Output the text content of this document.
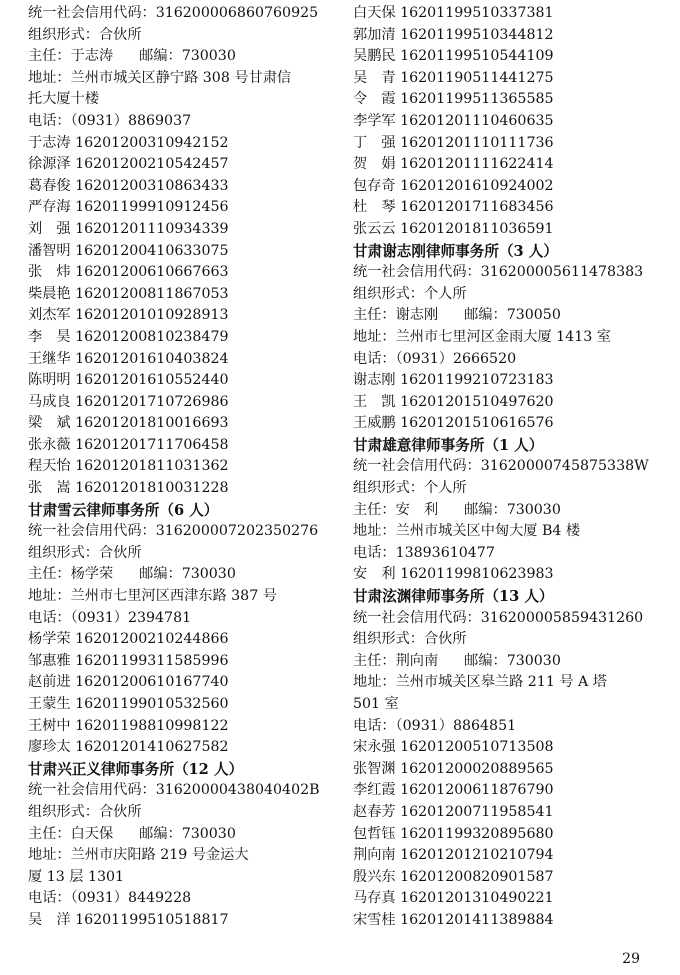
统一社会信用代码：316200006860760925
组织形式：合伙所
主任：于志涛 邮编：730030
地址：兰州市城关区静宁路 308 号甘肃信
托大厦十楼
电话：（0931）8869037
于志涛 16201200310942152
徐源泽 16201200210542457
葛春俊 16201200310863433
严存海 16201199910912456
刘　强 16201201110934339
潘智明 16201200410633075
张　炜 16201200610667663
柴晨艳 16201200811867053
刘杰军 16201201010928913
李　昊 16201200810238479
王继华 16201201610403824
陈明明 16201201610552440
马成良 16201201710726986
梁　斌 16201201810016693
张永薇 16201201711706458
程天怡 16201201811031362
张　嵩 16201201810031228
甘肃雪云律师事务所（6 人）
统一社会信用代码：316200007202350276
组织形式：合伙所
主任：杨学荣 邮编：730030
地址：兰州市七里河区西津东路 387 号
电话：（0931）2394781
杨学荣 16201200210244866
邹惠雅 16201199311585996
赵前进 16201200610167740
王蒙生 16201199010532560
王树中 16201198810998122
廖珍太 16201201410627582
甘肃兴正义律师事务所（12 人）
统一社会信用代码：31620000438040402B
组织形式：合伙所
主任：白天保 邮编：730030
地址：兰州市庆阳路 219 号金运大
厦 13 层 1301
电话：（0931）8449228
吴　洋 16201199510518817
白天保 16201199510337381
郭加清 16201199510344812
吴鹏民 16201199510544109
吴　青 16201190511441275
令　霞 16201199511365585
李学军 16201201110460635
丁　强 16201201110111736
贺　娟 16201201111622414
包存奇 16201201610924002
杜　琴 16201201711683456
张云云 16201201811036591
甘肃谢志刚律师事务所（3 人）
统一社会信用代码：316200005611478383
组织形式：个人所
主任：谢志刚 邮编：730050
地址：兰州市七里河区金雨大厦 1413 室
电话：（0931）2666520
谢志刚 16201199210723183
王　凯 16201201510497620
王威鹏 16201201510616576
甘肃雄意律师事务所（1 人）
统一社会信用代码：31620000745875338W
组织形式：个人所
主任：安　利 邮编：730030
地址：兰州市城关区中匈大厦 B4 楼
电话：13893610477
安　利 16201199810623983
甘肃泫渊律师事务所（13 人）
统一社会信用代码：316200005859431260
组织形式：合伙所
主任：荆向南 邮编：730030
地址：兰州市城关区皋兰路 211 号 A 塔
501 室
电话：（0931）8864851
宋永强 16201200510713508
张智渊 16201200020889565
李红霞 16201200611876790
赵春芳 16201200711958541
包哲钰 16201199320895680
荆向南 16201201210210794
殷兴东 16201200820901587
马存真 16201201310490221
宋雪桂 16201201411389884
29
